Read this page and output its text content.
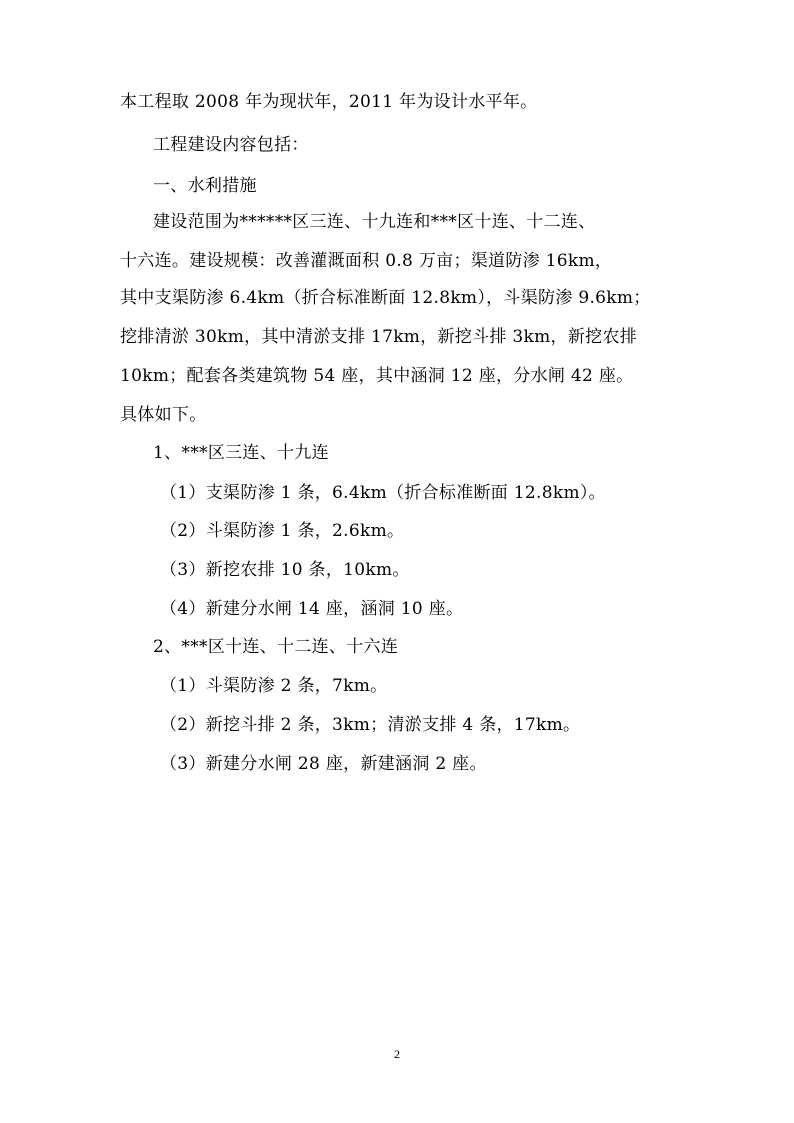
本工程取 2008 年为现状年，2011 年为设计水平年。
工程建设内容包括：
一、水利措施
建设范围为******区三连、十九连和***区十连、十二连、
十六连。建设规模：改善灌溉面积 0.8 万亩；渠道防渗 16km，
其中支渠防渗 6.4km（折合标准断面 12.8km），斗渠防渗 9.6km；
挖排清淤 30km，其中清淤支排 17km，新挖斗排 3km，新挖农排
10km；配套各类建筑物 54 座，其中涵洞 12 座，分水闸 42 座。
具体如下。
1、***区三连、十九连
（1）支渠防渗 1 条，6.4km（折合标准断面 12.8km）。
（2）斗渠防渗 1 条，2.6km。
（3）新挖农排 10 条，10km。
（4）新建分水闸 14 座，涵洞 10 座。
2、***区十连、十二连、十六连
（1）斗渠防渗 2 条，7km。
（2）新挖斗排 2 条，3km；清淤支排 4 条，17km。
（3）新建分水闸 28 座，新建涵洞 2 座。
2
